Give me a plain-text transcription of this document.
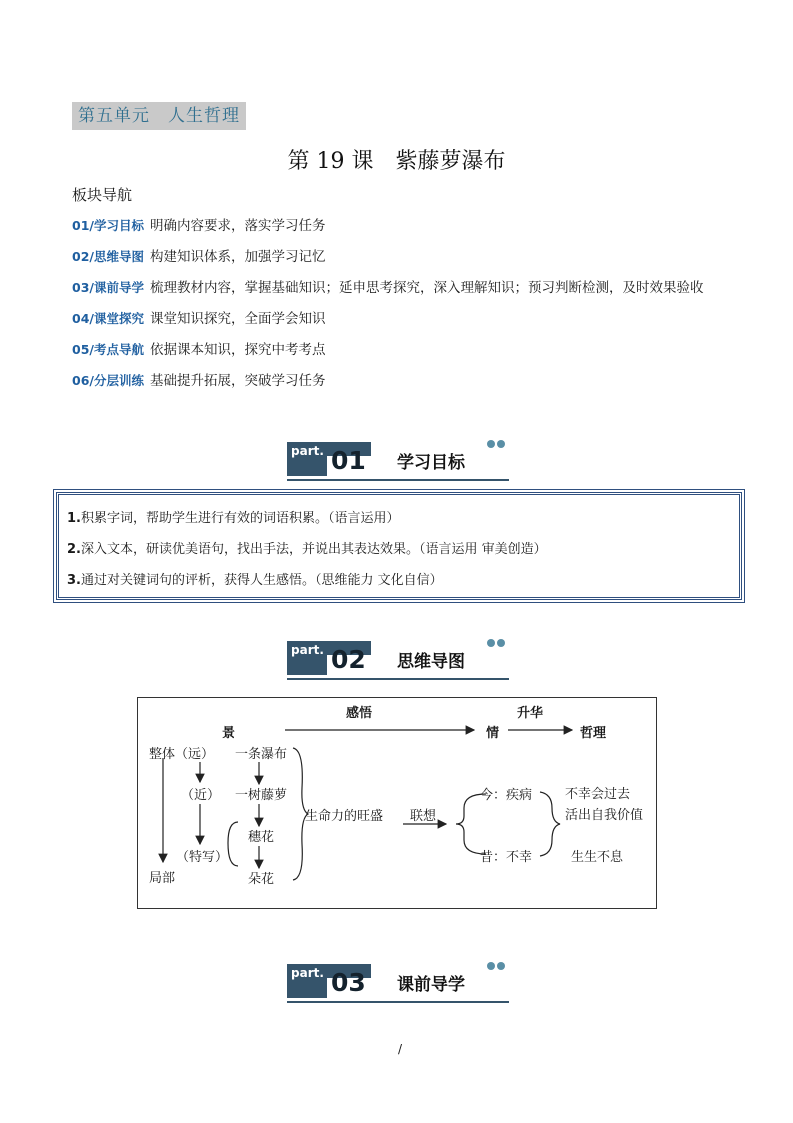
第五单元　人生哲理
第 19 课　紫藤萝瀑布
板块导航
01/学习目标 明确内容要求，落实学习任务
02/思维导图 构建知识体系，加强学习记忆
03/课前导学 梳理教材内容，掌握基础知识；延申思考探究，深入理解知识；预习判断检测，及时效果验收
04/课堂探究 课堂知识探究，全面学会知识
05/考点导航 依据课本知识，探究中考考点
06/分层训练 基础提升拓展，突破学习任务
part. 01 学习目标
1.积累字词，帮助学生进行有效的词语积累。（语言运用）
2.深入文本，研读优美语句，找出手法，并说出其表达效果。（语言运用 审美创造）
3.通过对关键词句的评析，获得人生感悟。（思维能力 文化自信）
part. 02 思维导图
感悟	升华
景	情	哲理
整体（远）
（近）
（特写）
局部
一条瀑布
一树藤萝
穗花
朵花
生命力的旺盛 联想
今：疾病
昔：不幸
不幸会过去
活出自我价值
生生不息
part. 03 课前导学
/
